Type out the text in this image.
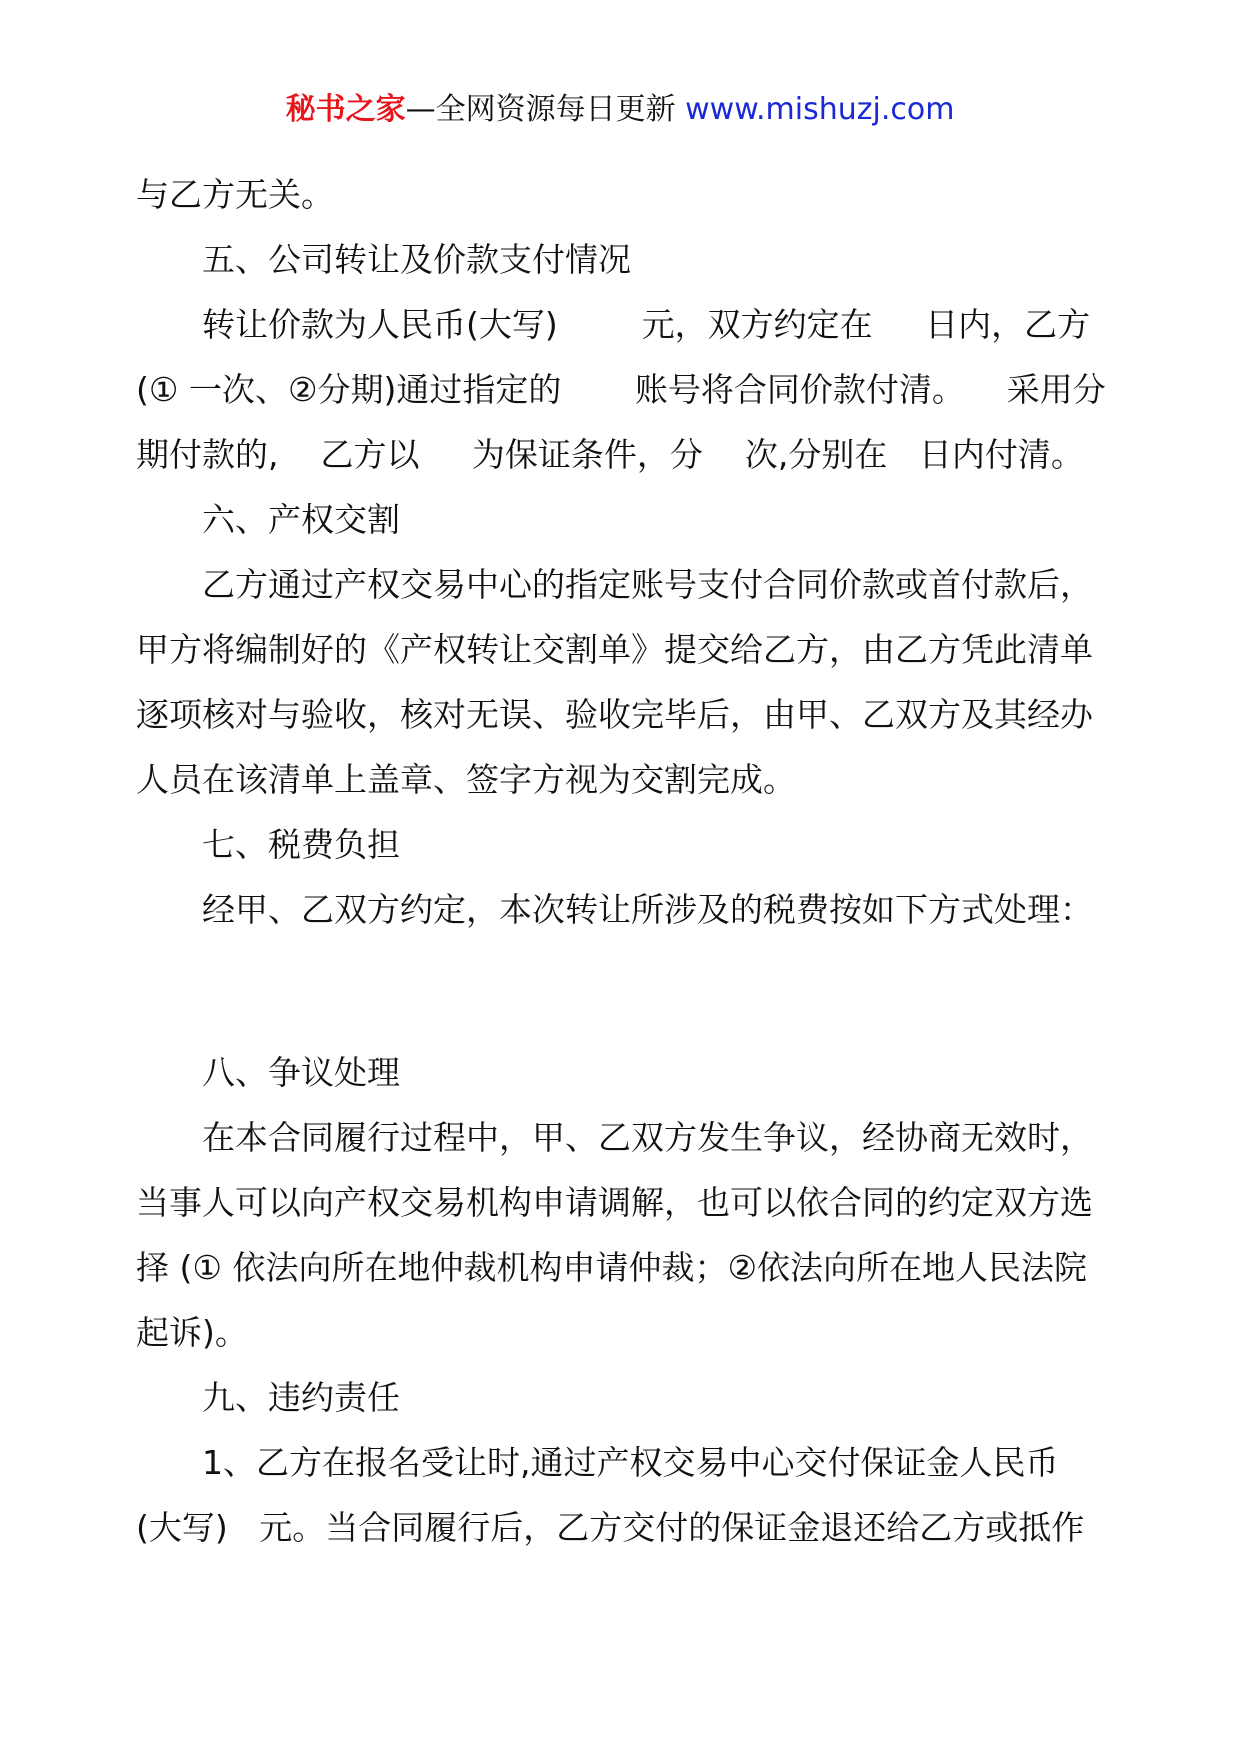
秘书之家—全网资源每日更新 www.mishuzj.com
与乙方无关。
五、公司转让及价款支付情况
转让价款为人民币(大写)        元，双方约定在     日内，乙方
(① 一次、②分期)通过指定的       账号将合同价款付清。    采用分
期付款的,    乙方以     为保证条件，分    次,分别在   日内付清。
六、产权交割
乙方通过产权交易中心的指定账号支付合同价款或首付款后，
甲方将编制好的《产权转让交割单》提交给乙方，由乙方凭此清单
逐项核对与验收，核对无误、验收完毕后，由甲、乙双方及其经办
人员在该清单上盖章、签字方视为交割完成。
七、税费负担
经甲、乙双方约定，本次转让所涉及的税费按如下方式处理：
八、争议处理
在本合同履行过程中，甲、乙双方发生争议，经协商无效时，
当事人可以向产权交易机构申请调解，也可以依合同的约定双方选
择 (① 依法向所在地仲裁机构申请仲裁；②依法向所在地人民法院
起诉)。
九、违约责任
1、乙方在报名受让时,通过产权交易中心交付保证金人民币
(大写)   元。当合同履行后，乙方交付的保证金退还给乙方或抵作
